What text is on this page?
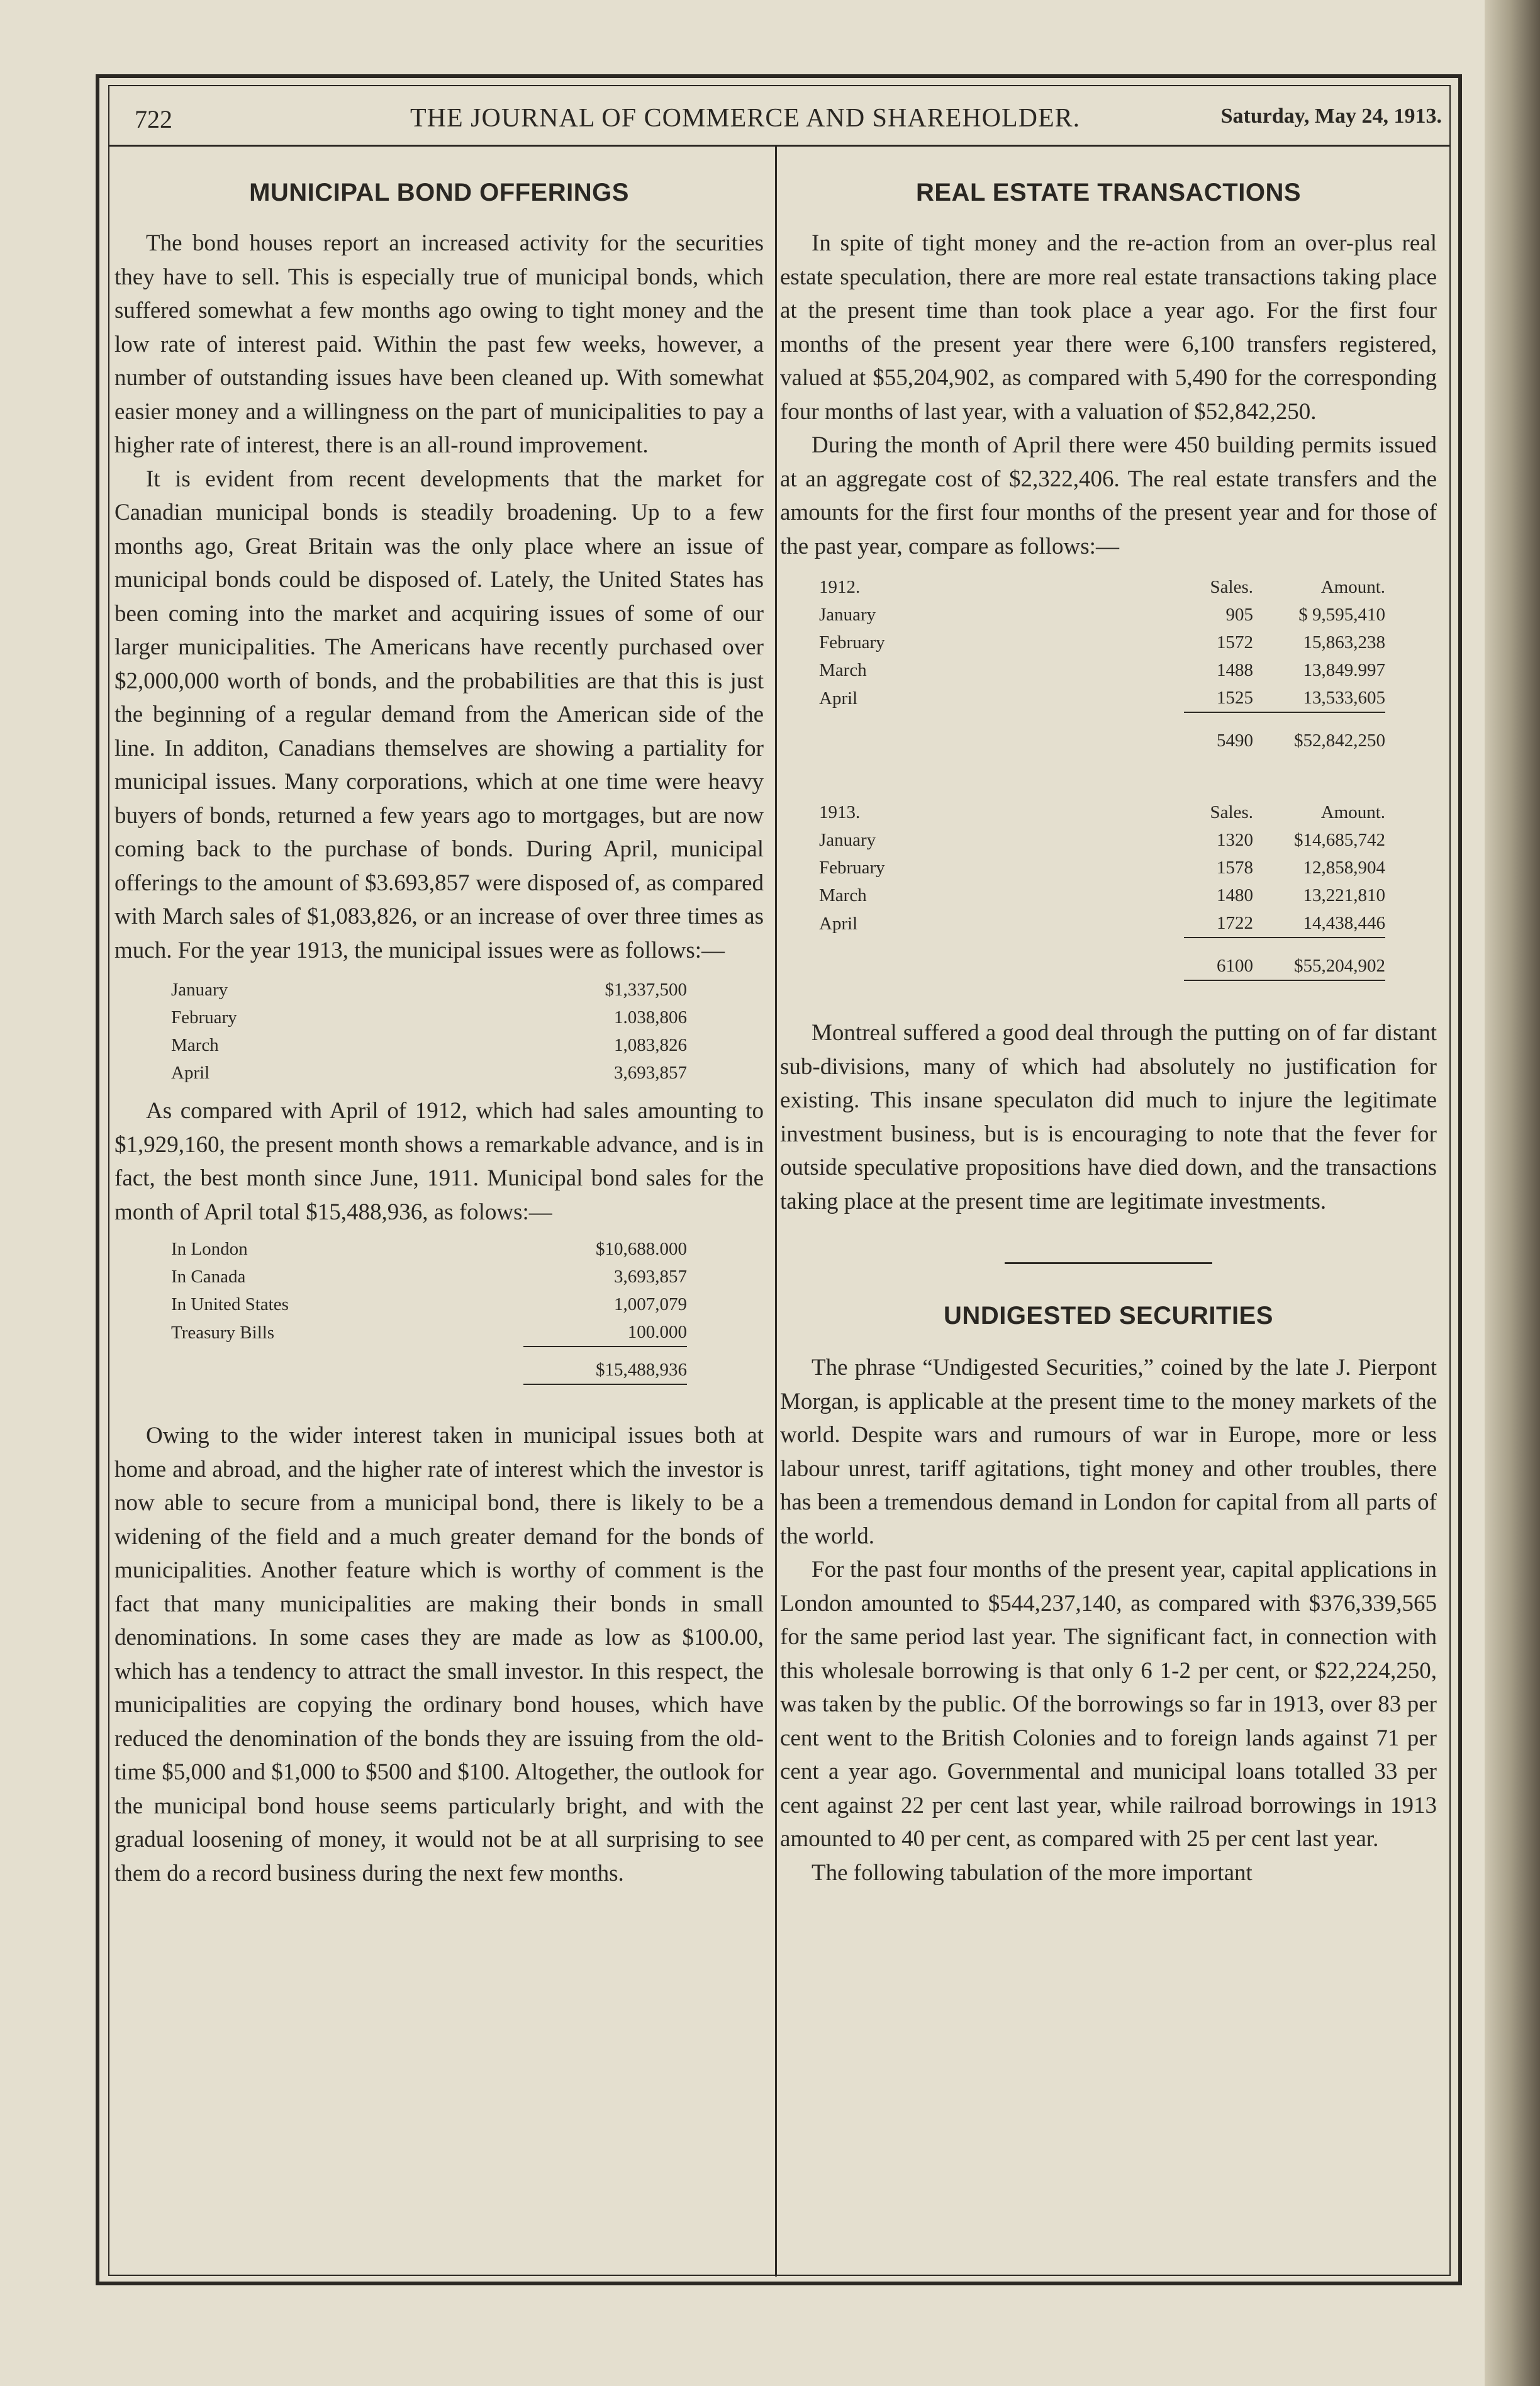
722	THE JOURNAL OF COMMERCE AND SHAREHOLDER.	Saturday, May 24, 1913.
MUNICIPAL BOND OFFERINGS

The bond houses report an increased activity for the securities they have to sell. This is especially true of municipal bonds, which suffered somewhat a few months ago owing to tight money and the low rate of interest paid. Within the past few weeks, however, a number of outstanding issues have been cleaned up. With somewhat easier money and a willingness on the part of municipalities to pay a higher rate of interest, there is an all-round improvement.

It is evident from recent developments that the market for Canadian municipal bonds is steadily broadening. Up to a few months ago, Great Britain was the only place where an issue of municipal bonds could be disposed of. Lately, the United States has been coming into the market and acquiring issues of some of our larger municipalities. The Americans have recently purchased over $2,000,000 worth of bonds, and the probabilities are that this is just the beginning of a regular demand from the American side of the line. In additon, Canadians themselves are showing a partiality for municipal issues. Many corporations, which at one time were heavy buyers of bonds, returned a few years ago to mortgages, but are now coming back to the purchase of bonds. During April, municipal offerings to the amount of $3.693,857 were disposed of, as compared with March sales of $1,083,826, or an increase of over three times as much. For the year 1913, the municipal issues were as follows:—

January	$1,337,500
February	1.038,806
March	1,083,826
April	3,693,857

As compared with April of 1912, which had sales amounting to $1,929,160, the present month shows a remarkable advance, and is in fact, the best month since June, 1911. Municipal bond sales for the month of April total $15,488,936, as folows:—

In London	$10,688.000
In Canada	3,693,857
In United States	1,007,079
Treasury Bills	100.000
	$15,488,936

Owing to the wider interest taken in municipal issues both at home and abroad, and the higher rate of interest which the investor is now able to secure from a municipal bond, there is likely to be a widening of the field and a much greater demand for the bonds of municipalities. Another feature which is worthy of comment is the fact that many municipalities are making their bonds in small denominations. In some cases they are made as low as $100.00, which has a tendency to attract the small investor. In this respect, the municipalities are copying the ordinary bond houses, which have reduced the denomination of the bonds they are issuing from the old-time $5,000 and $1,000 to $500 and $100. Altogether, the outlook for the municipal bond house seems particularly bright, and with the gradual loosening of money, it would not be at all surprising to see them do a record business during the next few months.

REAL ESTATE TRANSACTIONS

In spite of tight money and the re-action from an over-plus real estate speculation, there are more real estate transactions taking place at the present time than took place a year ago. For the first four months of the present year there were 6,100 transfers registered, valued at $55,204,902, as compared with 5,490 for the corresponding four months of last year, with a valuation of $52,842,250.

During the month of April there were 450 building permits issued at an aggregate cost of $2,322,406. The real estate transfers and the amounts for the first four months of the present year and for those of the past year, compare as follows:—

1912.	Sales.	Amount.
January	905	$ 9,595,410
February	1572	15,863,238
March	1488	13,849.997
April	1525	13,533,605
	5490	$52,842,250
1913.	Sales.	Amount.
January	1320	$14,685,742
February	1578	12,858,904
March	1480	13,221,810
April	1722	14,438,446
	6100	$55,204,902

Montreal suffered a good deal through the putting on of far distant sub-divisions, many of which had absolutely no justification for existing. This insane speculaton did much to injure the legitimate investment business, but is is encouraging to note that the fever for outside speculative propositions have died down, and the transactions taking place at the present time are legitimate investments.

UNDIGESTED SECURITIES

The phrase “Undigested Securities,” coined by the late J. Pierpont Morgan, is applicable at the present time to the money markets of the world. Despite wars and rumours of war in Europe, more or less labour unrest, tariff agitations, tight money and other troubles, there has been a tremendous demand in London for capital from all parts of the world.

For the past four months of the present year, capital applications in London amounted to $544,237,140, as compared with $376,339,565 for the same period last year. The significant fact, in connection with this wholesale borrowing is that only 6 1-2 per cent, or $22,224,250, was taken by the public. Of the borrowings so far in 1913, over 83 per cent went to the British Colonies and to foreign lands against 71 per cent a year ago. Governmental and municipal loans totalled 33 per cent against 22 per cent last year, while railroad borrowings in 1913 amounted to 40 per cent, as compared with 25 per cent last year.

The following tabulation of the more important
